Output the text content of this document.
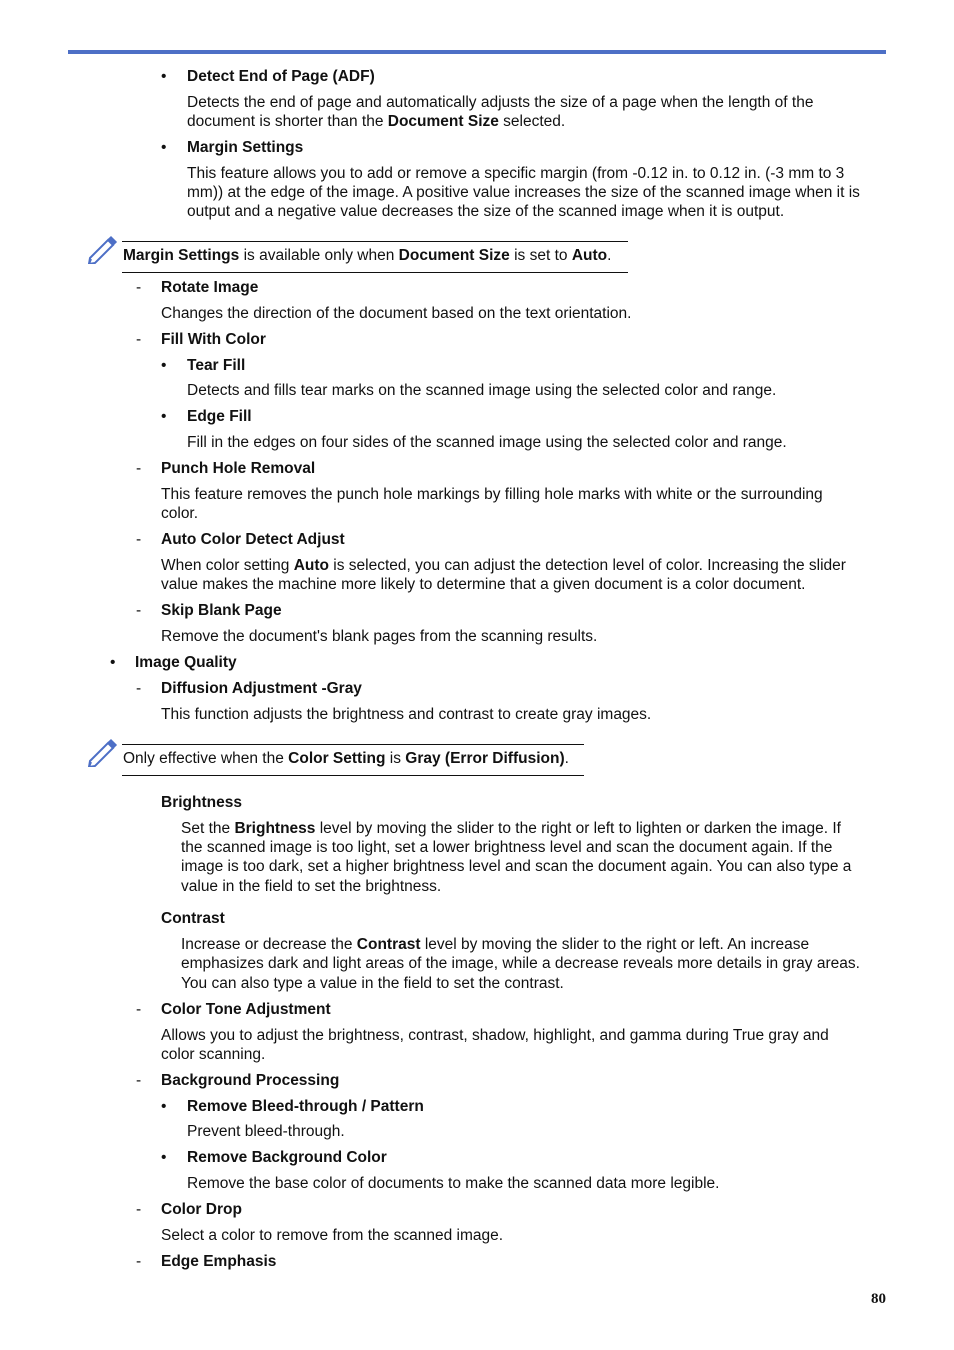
• Detect End of Page (ADF)
Detects the end of page and automatically adjusts the size of a page when the length of the
document is shorter than the Document Size selected.
• Margin Settings
This feature allows you to add or remove a specific margin (from -0.12 in. to 0.12 in. (-3 mm to 3
mm)) at the edge of the image. A positive value increases the size of the scanned image when it is
output and a negative value decreases the size of the scanned image when it is output.
Margin Settings is available only when Document Size is set to Auto.
- Rotate Image
Changes the direction of the document based on the text orientation.
- Fill With Color
• Tear Fill
Detects and fills tear marks on the scanned image using the selected color and range.
• Edge Fill
Fill in the edges on four sides of the scanned image using the selected color and range.
- Punch Hole Removal
This feature removes the punch hole markings by filling hole marks with white or the surrounding
color.
- Auto Color Detect Adjust
When color setting Auto is selected, you can adjust the detection level of color. Increasing the slider
value makes the machine more likely to determine that a given document is a color document.
- Skip Blank Page
Remove the document's blank pages from the scanning results.
• Image Quality
- Diffusion Adjustment -Gray
This function adjusts the brightness and contrast to create gray images.
Only effective when the Color Setting is Gray (Error Diffusion).
Brightness
Set the Brightness level by moving the slider to the right or left to lighten or darken the image. If
the scanned image is too light, set a lower brightness level and scan the document again. If the
image is too dark, set a higher brightness level and scan the document again. You can also type a
value in the field to set the brightness.
Contrast
Increase or decrease the Contrast level by moving the slider to the right or left. An increase
emphasizes dark and light areas of the image, while a decrease reveals more details in gray areas.
You can also type a value in the field to set the contrast.
- Color Tone Adjustment
Allows you to adjust the brightness, contrast, shadow, highlight, and gamma during True gray and
color scanning.
- Background Processing
• Remove Bleed-through / Pattern
Prevent bleed-through.
• Remove Background Color
Remove the base color of documents to make the scanned data more legible.
- Color Drop
Select a color to remove from the scanned image.
- Edge Emphasis
80
